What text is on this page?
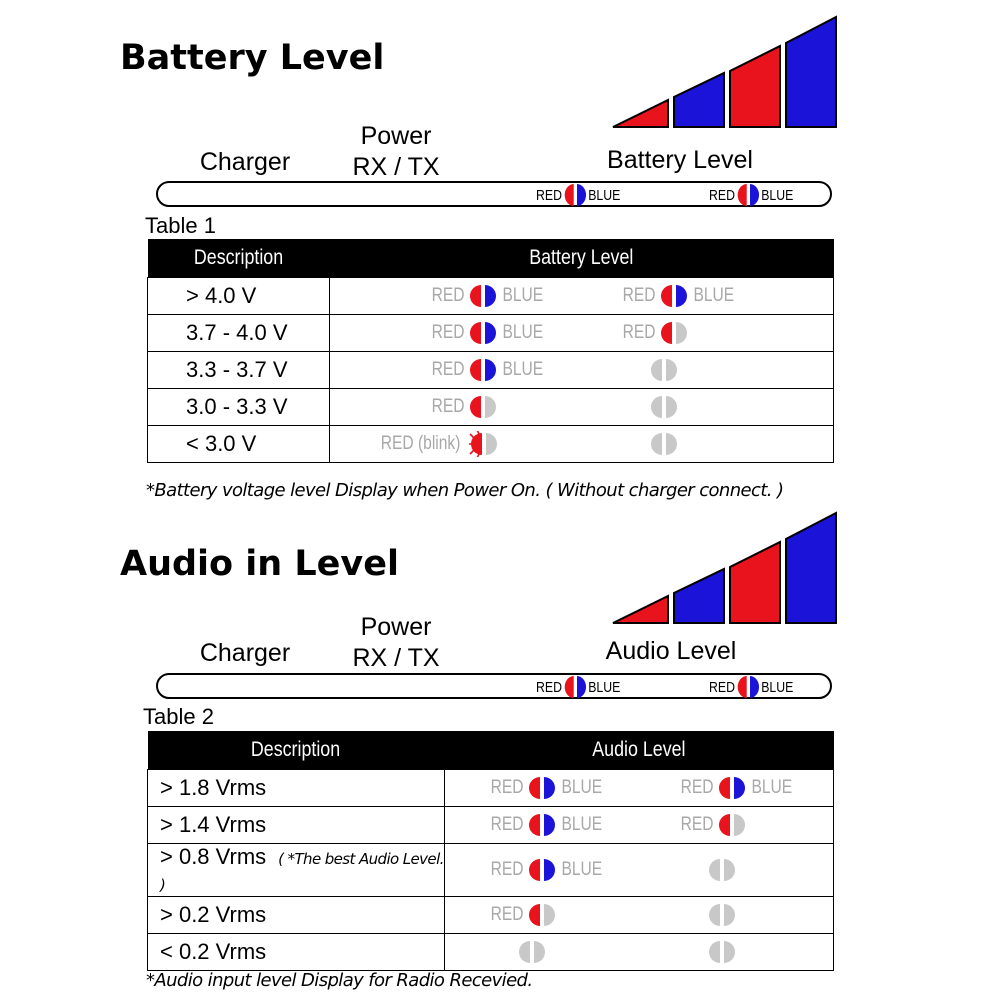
Battery Level
Charger
Power
RX / TX	Battery Level
RED BLUE	RED BLUE
Table 1
Description	Battery Level
> 4.0 V	RED BLUE RED BLUE

3.7 - 4.0 V	RED BLUE RED

3.3 - 3.7 V	RED BLUE

3.0 - 3.3 V	RED

< 3.0 V	RED (blink)
*Battery voltage level Display when Power On. ( Without charger connect. )
Audio in Level
Charger
Power
RX / TX	Audio Level
RED BLUE	RED BLUE
Table 2
Description	Audio Level
> 1.8 Vrms	RED BLUE RED BLUE

> 1.4 Vrms	RED BLUE RED

> 0.8 Vrms ( *The best Audio Level. )	RED BLUE

> 0.2 Vrms	RED

< 0.2 Vrms	
*Audio input level Display for Radio Recevied.
